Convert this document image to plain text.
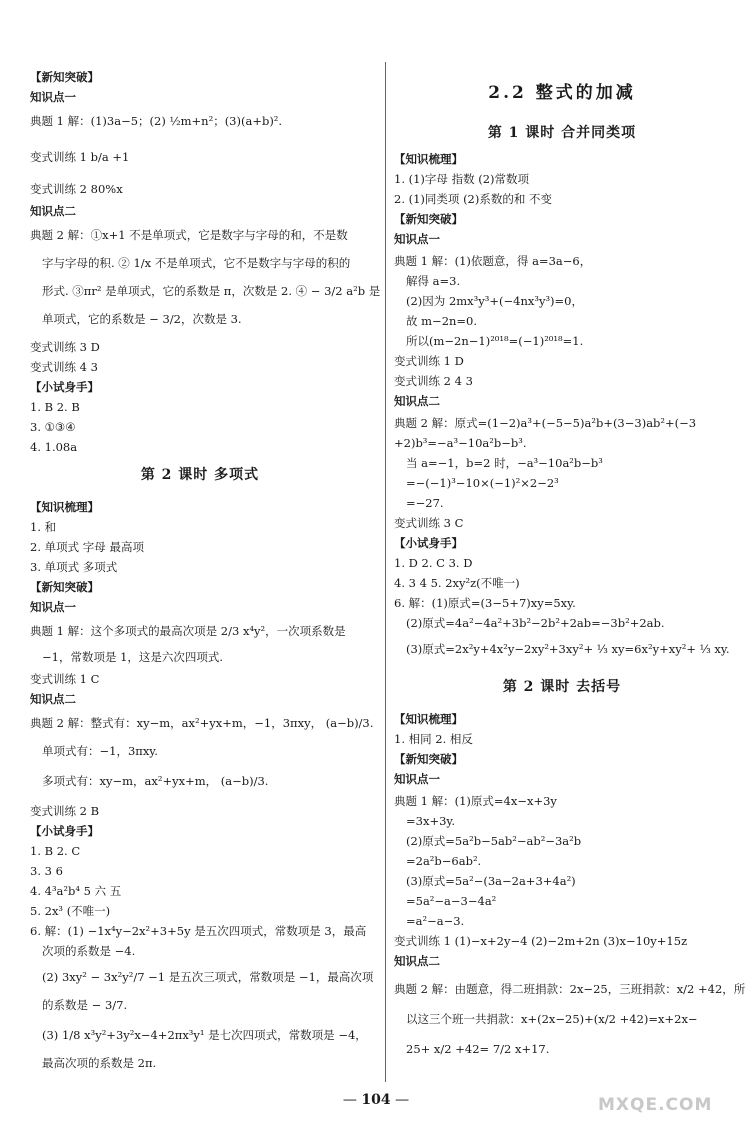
【新知突破】
知识点一
典题 1 解：(1)3a−5；(2) ½m+n²；(3)(a+b)².
变式训练 1 b/a +1
变式训练 2 80%x
知识点二
典题 2 解：①x+1 不是单项式，它是数字与字母的和，不是数
字与字母的积. ② 1/x 不是单项式，它不是数字与字母的积的
形式. ③πr² 是单项式，它的系数是 π，次数是 2. ④ − 3/2 a²b 是
单项式，它的系数是 − 3/2，次数是 3.
变式训练 3 D
变式训练 4 3
【小试身手】
1. B 2. B
3. ①③④
4. 1.08a
【知识梳理】
1. 和
2. 单项式 字母 最高项
3. 单项式 多项式
【新知突破】
知识点一
典题 1 解：这个多项式的最高次项是 2/3 x⁴y²，一次项系数是
−1，常数项是 1，这是六次四项式.
变式训练 1 C
知识点二
典题 2 解：整式有：xy−m，ax²+yx+m，−1，3πxy， (a−b)/3.
单项式有：−1，3πxy.
多项式有：xy−m，ax²+yx+m， (a−b)/3.
变式训练 2 B
【小试身手】
1. B 2. C
3. 3 6
4. 4³a²b⁴ 5 六 五
5. 2x³ (不唯一)
6. 解：(1) −1x⁴y−2x²+3+5y 是五次四项式，常数项是 3，最高
次项的系数是 −4.
(2) 3xy² − 3x²y²/7 −1 是五次三项式，常数项是 −1，最高次项
的系数是 − 3/7.
(3) 1/8 x³y²+3y²x−4+2πx³y¹ 是七次四项式，常数项是 −4，
最高次项的系数是 2π.
第 2 课时 多项式
【知识梳理】
1. (1)字母 指数 (2)常数项
2. (1)同类项 (2)系数的和 不变
【新知突破】
知识点一
典题 1 解：(1)依题意，得 a=3a−6，
解得 a=3.
(2)因为 2mx³y³+(−4nx³y³)=0，
故 m−2n=0.
所以(m−2n−1)²⁰¹⁸=(−1)²⁰¹⁸=1.
变式训练 1 D
变式训练 2 4 3
知识点二
典题 2 解：原式=(1−2)a³+(−5−5)a²b+(3−3)ab²+(−3
+2)b³=−a³−10a²b−b³.
当 a=−1，b=2 时，−a³−10a²b−b³
=−(−1)³−10×(−1)²×2−2³
=−27.
变式训练 3 C
【小试身手】
1. D 2. C 3. D
4. 3 4 5. 2xy²z(不唯一)
6. 解：(1)原式=(3−5+7)xy=5xy.
(2)原式=4a²−4a²+3b²−2b²+2ab=−3b²+2ab.
(3)原式=2x²y+4x²y−2xy²+3xy²+ ⅓ xy=6x²y+xy²+ ⅓ xy.
【知识梳理】
1. 相同 2. 相反
【新知突破】
知识点一
典题 1 解：(1)原式=4x−x+3y
=3x+3y.
(2)原式=5a²b−5ab²−ab²−3a²b
=2a²b−6ab².
(3)原式=5a²−(3a−2a+3+4a²)
=5a²−a−3−4a²
=a²−a−3.
变式训练 1 (1)−x+2y−4 (2)−2m+2n (3)x−10y+15z
知识点二
典题 2 解：由题意，得二班捐款：2x−25，三班捐款：x/2 +42，所
以这三个班一共捐款：x+(2x−25)+(x/2 +42)=x+2x−
25+ x/2 +42= 7/2 x+17.
2.2 整式的加减
第 1 课时 合并同类项
第 2 课时 去括号
— 104 —	MXQE.COM
